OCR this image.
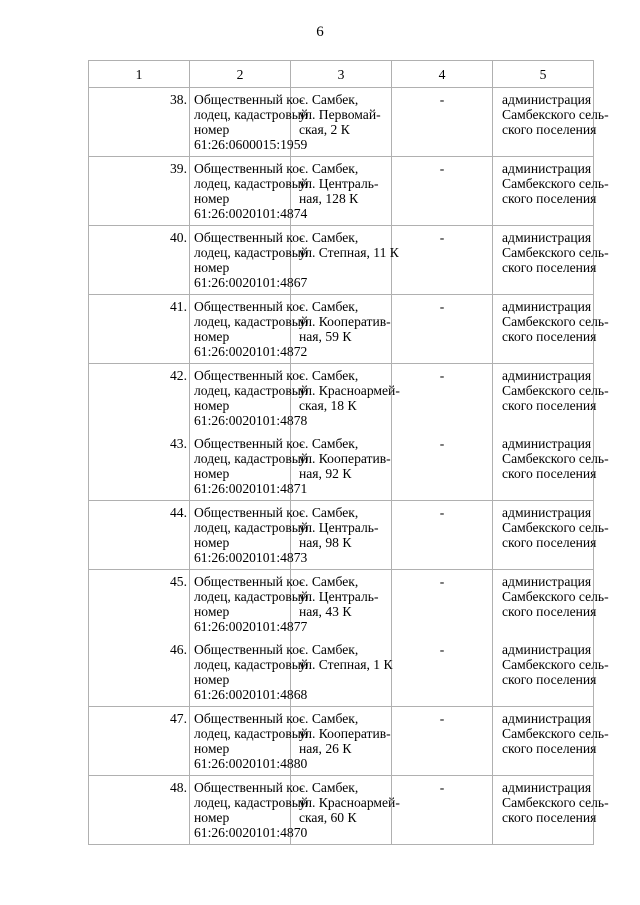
6
1	2	3	4	5
38.	Общественный ко-
лодец, кадастровый
номер
61:26:0600015:1959	с. Самбек,
ул. Первомай-
ская, 2 К	-	администрация
Самбекского сель-
ского поселения

39.	Общественный ко-
лодец, кадастровый
номер
61:26:0020101:4874	с. Самбек,
ул. Централь-
ная, 128 К	-	администрация
Самбекского сель-
ского поселения

40.	Общественный ко-
лодец, кадастровый
номер
61:26:0020101:4867	с. Самбек,
ул. Степная, 11 К	-	администрация
Самбекского сель-
ского поселения

41.	Общественный ко-
лодец, кадастровый
номер
61:26:0020101:4872	с. Самбек,
ул. Кооператив-
ная, 59 К	-	администрация
Самбекского сель-
ского поселения

42.	Общественный ко-
лодец, кадастровый
номер
61:26:0020101:4878	с. Самбек,
ул. Красноармей-
ская, 18 К	-	администрация
Самбекского сель-
ского поселения

43.	Общественный ко-
лодец, кадастровый
номер
61:26:0020101:4871	с. Самбек,
ул. Кооператив-
ная, 92 К	-	администрация
Самбекского сель-
ского поселения

44.	Общественный ко-
лодец, кадастровый
номер
61:26:0020101:4873	с. Самбек,
ул. Централь-
ная, 98 К	-	администрация
Самбекского сель-
ского поселения

45.	Общественный ко-
лодец, кадастровый
номер
61:26:0020101:4877	с. Самбек,
ул. Централь-
ная, 43 К	-	администрация
Самбекского сель-
ского поселения

46.	Общественный ко-
лодец, кадастровый
номер
61:26:0020101:4868	с. Самбек,
ул. Степная, 1 К	-	администрация
Самбекского сель-
ского поселения

47.	Общественный ко-
лодец, кадастровый
номер
61:26:0020101:4880	с. Самбек,
ул. Кооператив-
ная, 26 К	-	администрация
Самбекского сель-
ского поселения

48.	Общественный ко-
лодец, кадастровый
номер
61:26:0020101:4870	с. Самбек,
ул. Красноармей-
ская, 60 К	-	администрация
Самбекского сель-
ского поселения
